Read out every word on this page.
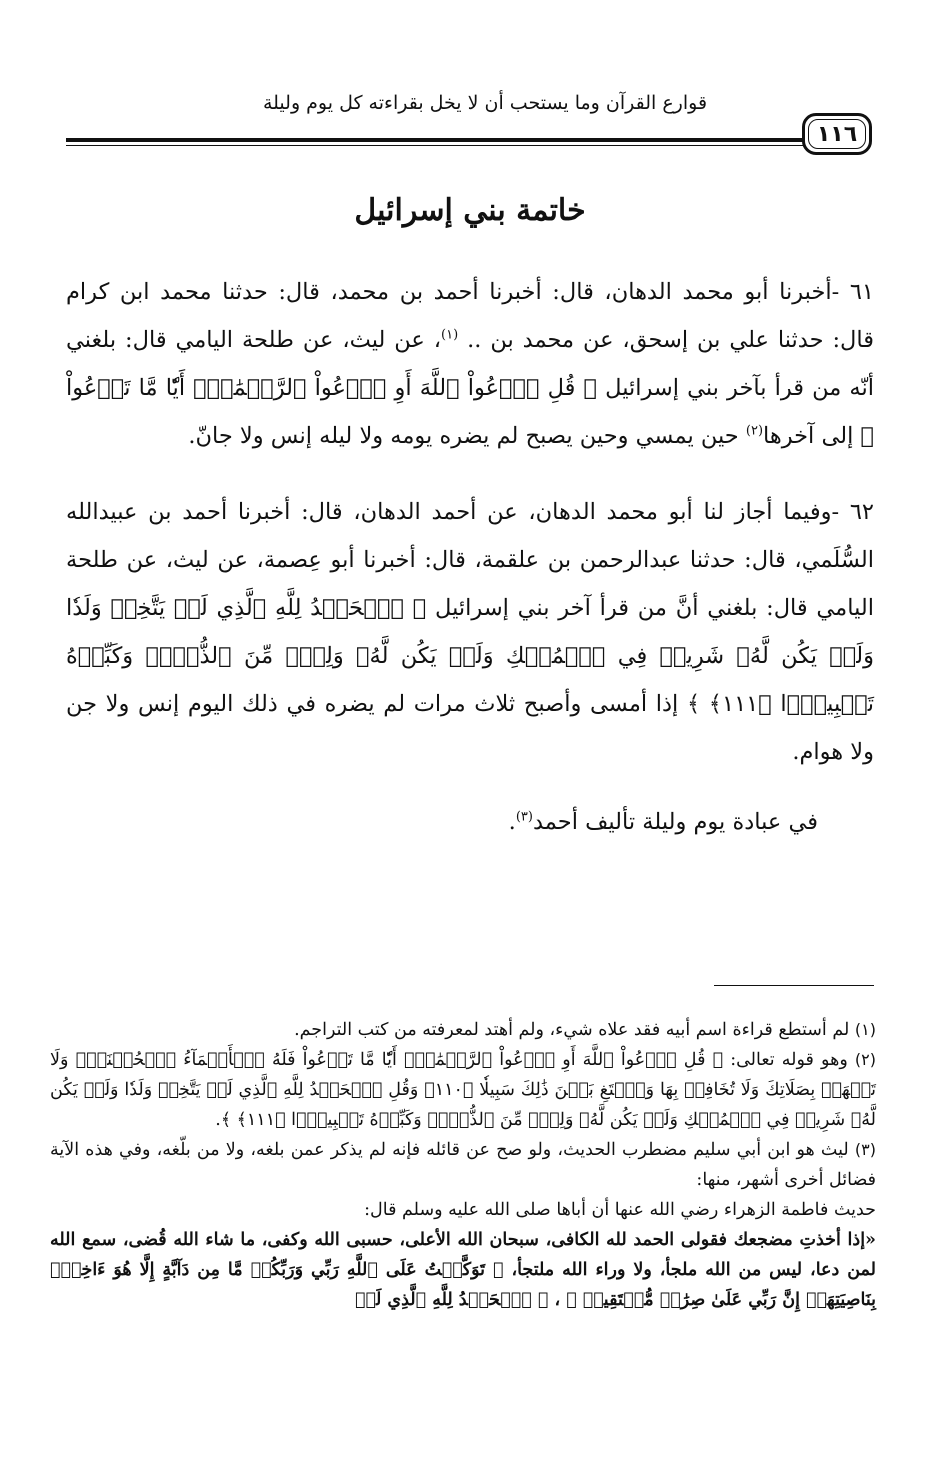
قوارع القرآن وما يستحب أن لا يخل بقراءته كل يوم وليلة
١١٦
خاتمة بني إسرائيل

٦١ -أخبرنا أبو محمد الدهان، قال: أخبرنا أحمد بن محمد، قال: حدثنا محمد ابن كرام قال: حدثنا علي بن إسحق، عن محمد بن .. $^{(١)}$، عن ليث، عن طلحة اليامي قال: بلغني أنّه من قرأ بآخر بني إسرائيل ﴿ قُلِ ٱدۡعُواْ ٱللَّهَ أَوِ ٱدۡعُواْ ٱلرَّحۡمَٰنَۖ أَيّٗا مَّا تَدۡعُواْ ﴾ إلى آخرها$^{(٢)}$ حين يمسي وحين يصبح لم يضره يومه ولا ليله إنس ولا جانّ.

٦٢ -وفيما أجاز لنا أبو محمد الدهان، عن أحمد الدهان، قال: أخبرنا أحمد بن عبيدالله السُّلَمي، قال: حدثنا عبدالرحمن بن علقمة، قال: أخبرنا أبو عِصمة، عن ليث، عن طلحة اليامي قال: بلغني أنَّ من قرأ آخر بني إسرائيل ﴿ ٱلۡحَمۡدُ لِلَّهِ ٱلَّذِي لَمۡ يَتَّخِذۡ وَلَدٗا وَلَمۡ يَكُن لَّهُۥ شَرِيكٞ فِي ٱلۡمُلۡكِ وَلَمۡ يَكُن لَّهُۥ وَلِيّٞ مِّنَ ٱلذُّلِّۖ وَكَبِّرۡهُ تَكۡبِيرَۢا ﴿١١١﴾ ﴾ إذا أمسى وأصبح ثلاث مرات لم يضره في ذلك اليوم إنس ولا جن ولا هوام.

في عبادة يوم وليلة تأليف أحمد$^{(٣)}$.

(١) لم أستطع قراءة اسم أبيه فقد علاه شيء، ولم أهتد لمعرفته من كتب التراجم.

(٢) وهو قوله تعالى: ﴿ قُلِ ٱدۡعُواْ ٱللَّهَ أَوِ ٱدۡعُواْ ٱلرَّحۡمَٰنَۖ أَيّٗا مَّا تَدۡعُواْ فَلَهُ ٱلۡأَسۡمَآءُ ٱلۡحُسۡنَىٰۚ وَلَا تَجۡهَرۡ بِصَلَاتِكَ وَلَا تُخَافِتۡ بِهَا وَٱبۡتَغِ بَيۡنَ ذَٰلِكَ سَبِيلٗا ﴿١١٠﴾ وَقُلِ ٱلۡحَمۡدُ لِلَّهِ ٱلَّذِي لَمۡ يَتَّخِذۡ وَلَدٗا وَلَمۡ يَكُن لَّهُۥ شَرِيكٞ فِي ٱلۡمُلۡكِ وَلَمۡ يَكُن لَّهُۥ وَلِيّٞ مِّنَ ٱلذُّلِّۖ وَكَبِّرۡهُ تَكۡبِيرَۢا ﴿١١١﴾ ﴾.

(٣) ليث هو ابن أبي سليم مضطرب الحديث، ولو صح عن قائله فإنه لم يذكر عمن بلغه، ولا من بلّغه، وفي هذه الآية فضائل أخرى أشهر، منها:

حديث فاطمة الزهراء رضي الله عنها أن أباها صلى الله عليه وسلم قال:

«إذا أخذتِ مضجعك فقولى الحمد لله الكافى، سبحان الله الأعلى، حسبى الله وكفى، ما شاء الله قُضى، سمع الله لمن دعا، ليس من الله ملجأ، ولا وراء الله ملتجأ، ﴿ تَوَكَّلۡتُ عَلَى ٱللَّهِ رَبِّي وَرَبِّكُمۚ مَّا مِن دَآبَّةٍ إِلَّا هُوَ ءَاخِذُۢ بِنَاصِيَتِهَآۚ إِنَّ رَبِّي عَلَىٰ صِرَٰطٖ مُّسۡتَقِيمٖ ﴾ ، ﴿ ٱلۡحَمۡدُ لِلَّهِ ٱلَّذِي لَمۡ
